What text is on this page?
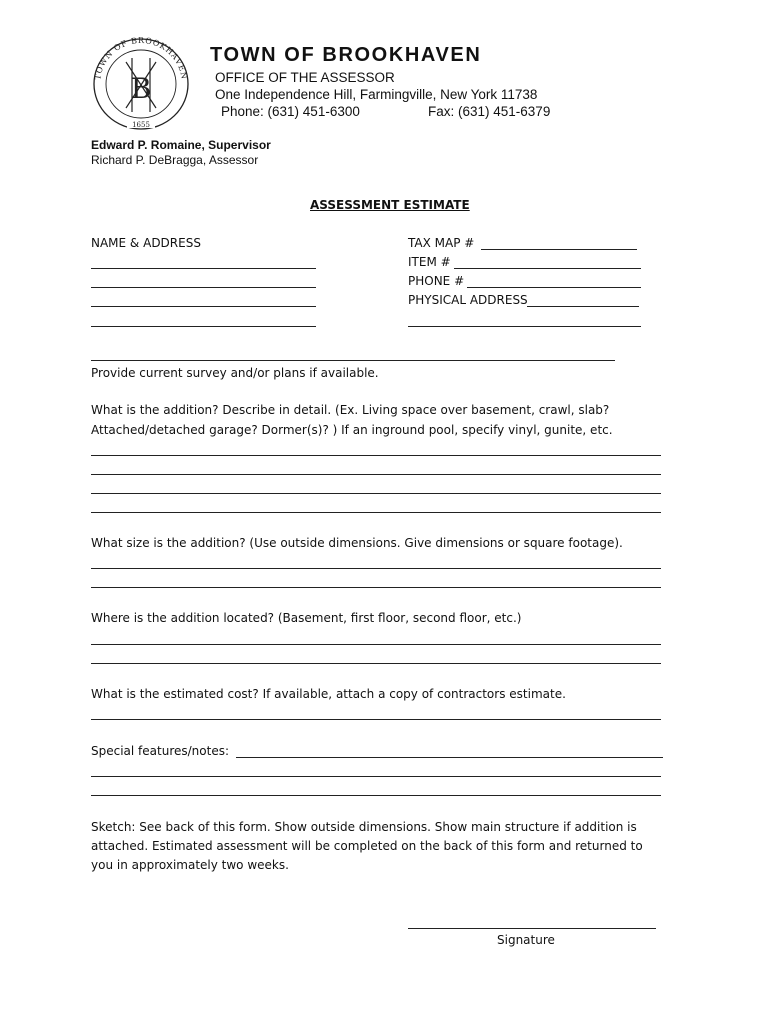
TOWN OF BROOKHAVEN
B
1655
TOWN OF BROOKHAVEN
OFFICE OF THE ASSESSOR
One Independence Hill, Farmingville, New York 11738
Phone: (631) 451-6300	Fax: (631) 451-6379
Edward P. Romaine, Supervisor
Richard P. DeBragga, Assessor
ASSESSMENT ESTIMATE
NAME & ADDRESS	TAX MAP #
ITEM #
PHONE #
PHYSICAL ADDRESS
Provide current survey and/or plans if available.
What is the addition? Describe in detail. (Ex. Living space over basement, crawl, slab?
Attached/detached garage? Dormer(s)? ) If an inground pool, specify vinyl, gunite, etc.
What size is the addition? (Use outside dimensions. Give dimensions or square footage).
Where is the addition located? (Basement, first floor, second floor, etc.)
What is the estimated cost? If available, attach a copy of contractors estimate.
Special features/notes:
Sketch: See back of this form. Show outside dimensions. Show main structure if addition is
attached. Estimated assessment will be completed on the back of this form and returned to
you in approximately two weeks.
Signature
